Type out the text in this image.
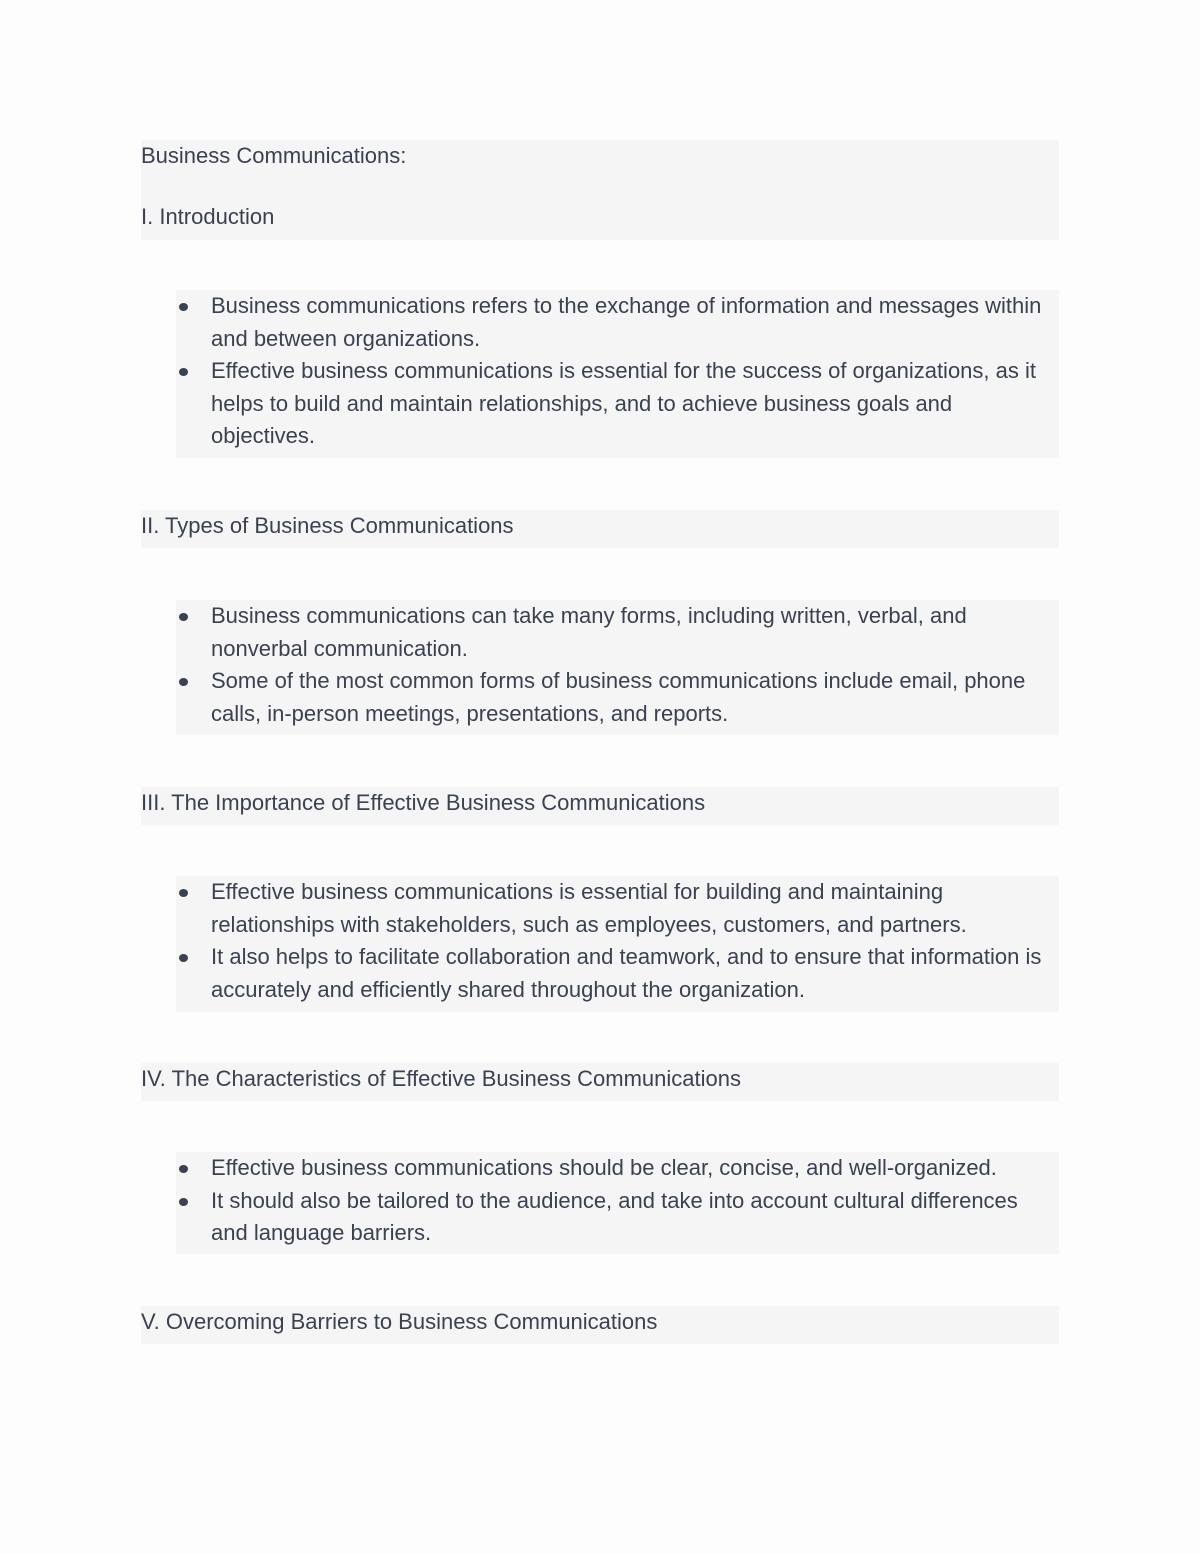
Business Communications:
I. Introduction
Business communications refers to the exchange of information and messages within and between organizations.
Effective business communications is essential for the success of organizations, as it helps to build and maintain relationships, and to achieve business goals and objectives.
II. Types of Business Communications
Business communications can take many forms, including written, verbal, and nonverbal communication.
Some of the most common forms of business communications include email, phone calls, in-person meetings, presentations, and reports.
III. The Importance of Effective Business Communications
Effective business communications is essential for building and maintaining relationships with stakeholders, such as employees, customers, and partners.
It also helps to facilitate collaboration and teamwork, and to ensure that information is accurately and efficiently shared throughout the organization.
IV. The Characteristics of Effective Business Communications
Effective business communications should be clear, concise, and well-organized.
It should also be tailored to the audience, and take into account cultural differences and language barriers.
V. Overcoming Barriers to Business Communications
